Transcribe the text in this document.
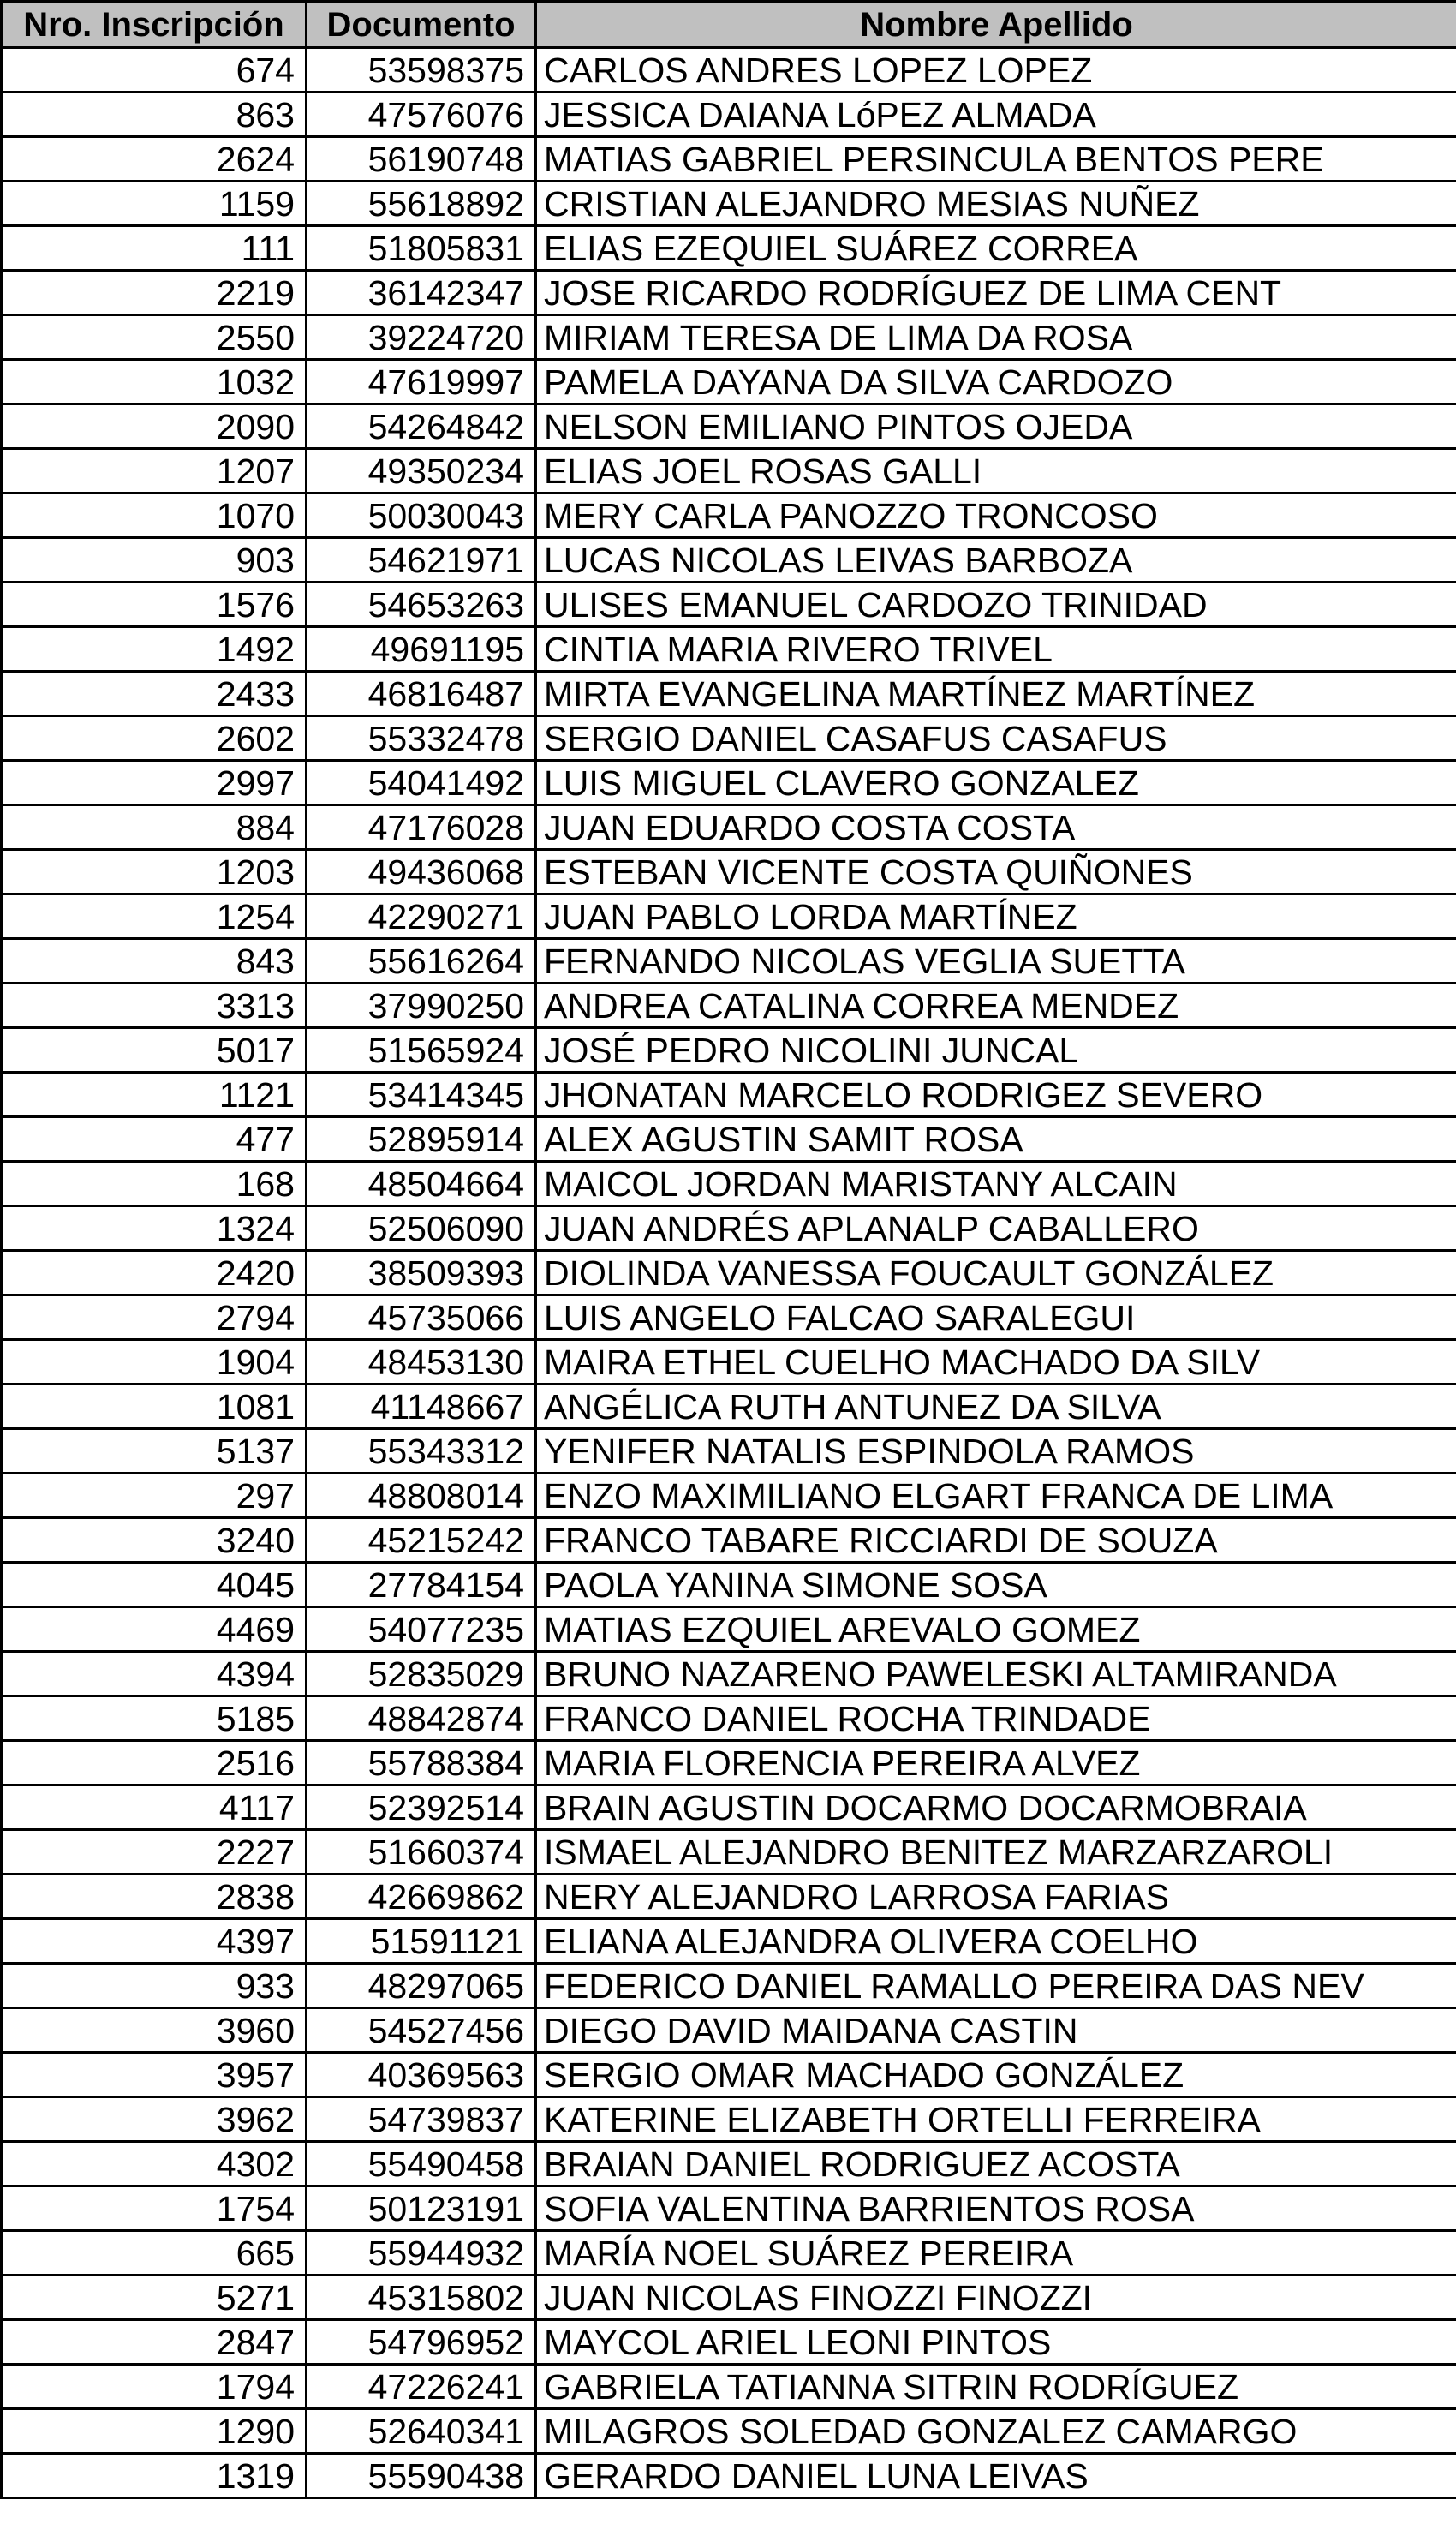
Nro. Inscripción	Documento	Nombre Apellido
674	53598375	CARLOS ANDRES LOPEZ LOPEZ
863	47576076	JESSICA DAIANA LóPEZ ALMADA
2624	56190748	MATIAS GABRIEL PERSINCULA BENTOS PERE
1159	55618892	CRISTIAN ALEJANDRO MESIAS NUÑEZ
111	51805831	ELIAS EZEQUIEL SUÁREZ CORREA
2219	36142347	JOSE RICARDO RODRÍGUEZ DE LIMA CENT
2550	39224720	MIRIAM TERESA DE LIMA DA ROSA
1032	47619997	PAMELA DAYANA DA SILVA CARDOZO
2090	54264842	NELSON EMILIANO PINTOS OJEDA
1207	49350234	ELIAS JOEL ROSAS GALLI
1070	50030043	MERY CARLA PANOZZO TRONCOSO
903	54621971	LUCAS NICOLAS LEIVAS BARBOZA
1576	54653263	ULISES EMANUEL CARDOZO TRINIDAD
1492	49691195	CINTIA MARIA RIVERO TRIVEL
2433	46816487	MIRTA EVANGELINA MARTÍNEZ MARTÍNEZ
2602	55332478	SERGIO DANIEL CASAFUS CASAFUS
2997	54041492	LUIS MIGUEL CLAVERO GONZALEZ
884	47176028	JUAN EDUARDO COSTA COSTA
1203	49436068	ESTEBAN VICENTE COSTA QUIÑONES
1254	42290271	JUAN PABLO LORDA MARTÍNEZ
843	55616264	FERNANDO NICOLAS VEGLIA SUETTA
3313	37990250	ANDREA CATALINA CORREA MENDEZ
5017	51565924	JOSÉ PEDRO NICOLINI JUNCAL
1121	53414345	JHONATAN MARCELO RODRIGEZ SEVERO
477	52895914	ALEX AGUSTIN SAMIT ROSA
168	48504664	MAICOL JORDAN MARISTANY ALCAIN
1324	52506090	JUAN ANDRÉS APLANALP CABALLERO
2420	38509393	DIOLINDA VANESSA FOUCAULT GONZÁLEZ
2794	45735066	LUIS ANGELO FALCAO SARALEGUI
1904	48453130	MAIRA ETHEL CUELHO MACHADO DA SILV
1081	41148667	ANGÉLICA RUTH ANTUNEZ DA SILVA
5137	55343312	YENIFER NATALIS ESPINDOLA RAMOS
297	48808014	ENZO MAXIMILIANO ELGART FRANCA DE LIMA
3240	45215242	FRANCO TABARE RICCIARDI DE SOUZA
4045	27784154	PAOLA YANINA SIMONE SOSA
4469	54077235	MATIAS EZQUIEL AREVALO GOMEZ
4394	52835029	BRUNO NAZARENO PAWELESKI ALTAMIRANDA
5185	48842874	FRANCO DANIEL ROCHA TRINDADE
2516	55788384	MARIA FLORENCIA PEREIRA ALVEZ
4117	52392514	BRAIN AGUSTIN DOCARMO DOCARMOBRAIA
2227	51660374	ISMAEL ALEJANDRO BENITEZ MARZARZAROLI
2838	42669862	NERY ALEJANDRO LARROSA FARIAS
4397	51591121	ELIANA ALEJANDRA OLIVERA COELHO
933	48297065	FEDERICO DANIEL RAMALLO PEREIRA DAS NEV
3960	54527456	DIEGO DAVID MAIDANA CASTIN
3957	40369563	SERGIO OMAR MACHADO GONZÁLEZ
3962	54739837	KATERINE ELIZABETH ORTELLI FERREIRA
4302	55490458	BRAIAN DANIEL RODRIGUEZ ACOSTA
1754	50123191	SOFIA VALENTINA BARRIENTOS ROSA
665	55944932	MARÍA NOEL SUÁREZ PEREIRA
5271	45315802	JUAN NICOLAS FINOZZI FINOZZI
2847	54796952	MAYCOL ARIEL LEONI PINTOS
1794	47226241	GABRIELA TATIANNA SITRIN RODRÍGUEZ
1290	52640341	MILAGROS SOLEDAD GONZALEZ CAMARGO
1319	55590438	GERARDO DANIEL LUNA LEIVAS
